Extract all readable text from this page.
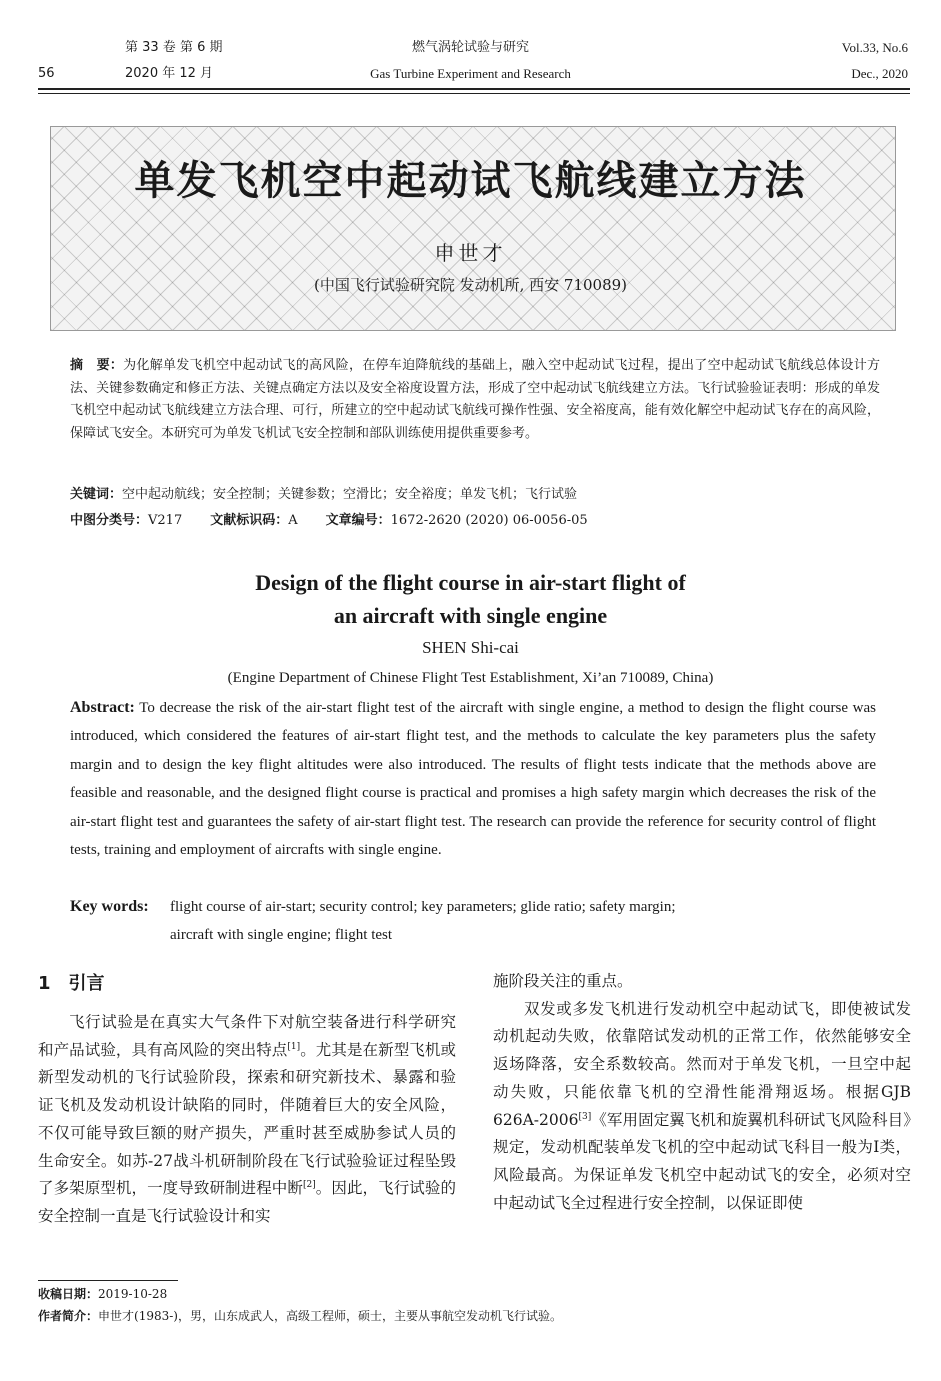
56
第 33 卷 第 6 期
2020 年 12 月
燃气涡轮试验与研究
Gas Turbine Experiment and Research
Vol.33, No.6
Dec., 2020
单发飞机空中起动试飞航线建立方法
申世才
(中国飞行试验研究院 发动机所, 西安 710089)
摘　要：为化解单发飞机空中起动试飞的高风险，在停车迫降航线的基础上，融入空中起动试飞过程，提出了空中起动试飞航线总体设计方法、关键参数确定和修正方法、关键点确定方法以及安全裕度设置方法，形成了空中起动试飞航线建立方法。飞行试验验证表明：形成的单发飞机空中起动试飞航线建立方法合理、可行，所建立的空中起动试飞航线可操作性强、安全裕度高，能有效化解空中起动试飞存在的高风险，保障试飞安全。本研究可为单发飞机试飞安全控制和部队训练使用提供重要参考。
关键词：空中起动航线；安全控制；关键参数；空滑比；安全裕度；单发飞机；飞行试验
中图分类号：V217 文献标识码：A 文章编号：1672-2620 (2020) 06-0056-05
Design of the flight course in air-start flight of
an aircraft with single engine
SHEN Shi-cai
(Engine Department of Chinese Flight Test Establishment, Xi’an 710089, China)
Abstract: To decrease the risk of the air-start flight test of the aircraft with single engine, a method to design the flight course was introduced, which considered the features of air-start flight test, and the methods to calculate the key parameters plus the safety margin and to design the key flight altitudes were also introduced. The results of flight tests indicate that the methods above are feasible and reasonable, and the designed flight course is practical and promises a high safety margin which decreases the risk of the air-start flight test and guarantees the safety of air-start flight test. The research can provide the reference for security control of flight tests, training and employment of aircrafts with single engine.
Key words: flight course of air-start; security control; key parameters; glide ratio; safety margin;
aircraft with single engine; flight test
1　引言

飞行试验是在真实大气条件下对航空装备进行科学研究和产品试验，具有高风险的突出特点[1]。尤其是在新型飞机或新型发动机的飞行试验阶段，探索和研究新技术、暴露和验证飞机及发动机设计缺陷的同时，伴随着巨大的安全风险，不仅可能导致巨额的财产损失，严重时甚至威胁参试人员的生命安全。如苏-27战斗机研制阶段在飞行试验验证过程坠毁了多架原型机，一度导致研制进程中断[2]。因此，飞行试验的安全控制一直是飞行试验设计和实

施阶段关注的重点。

双发或多发飞机进行发动机空中起动试飞，即使被试发动机起动失败，依靠陪试发动机的正常工作，依然能够安全返场降落，安全系数较高。然而对于单发飞机，一旦空中起动失败，只能依靠飞机的空滑性能滑翔返场。根据GJB 626A-2006[3]《军用固定翼飞机和旋翼机科研试飞风险科目》规定，发动机配装单发飞机的空中起动试飞科目一般为Ⅰ类，风险最高。为保证单发飞机空中起动试飞的安全，必须对空中起动试飞全过程进行安全控制，以保证即使

收稿日期：2019-10-28
作者简介：申世才(1983-)，男，山东成武人，高级工程师，硕士，主要从事航空发动机飞行试验。
